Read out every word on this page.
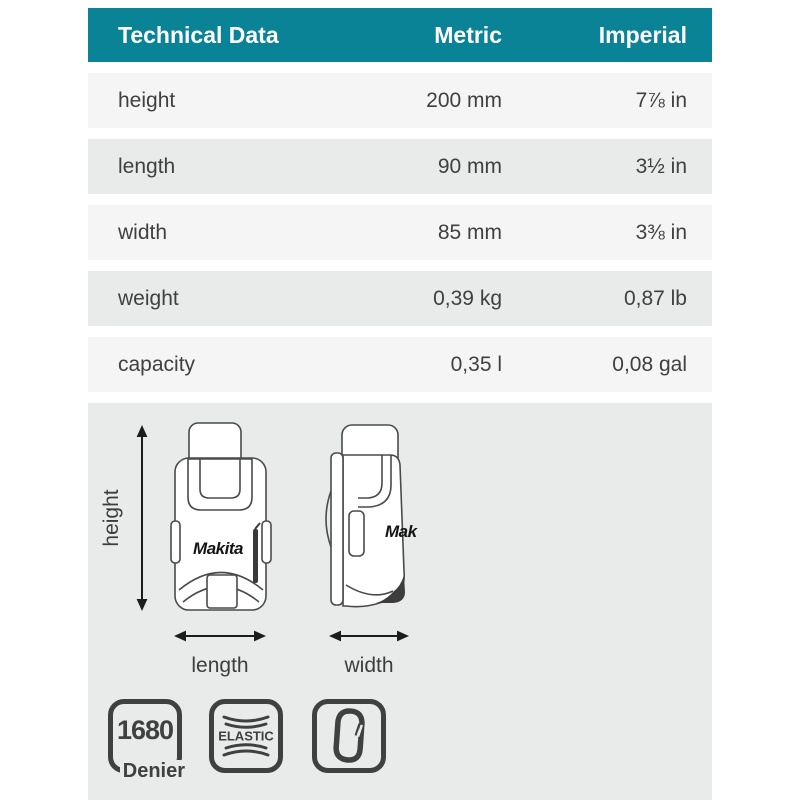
Technical Data	Metric	Imperial
height	200 mm	7⅞ in
length	90 mm	3½ in
width	85 mm	3⅜ in
weight	0,39 kg	0,87 lb
capacity	0,35 l	0,08 gal
height
Makita
Mak
length	width
1680
Denier
ELASTIC
